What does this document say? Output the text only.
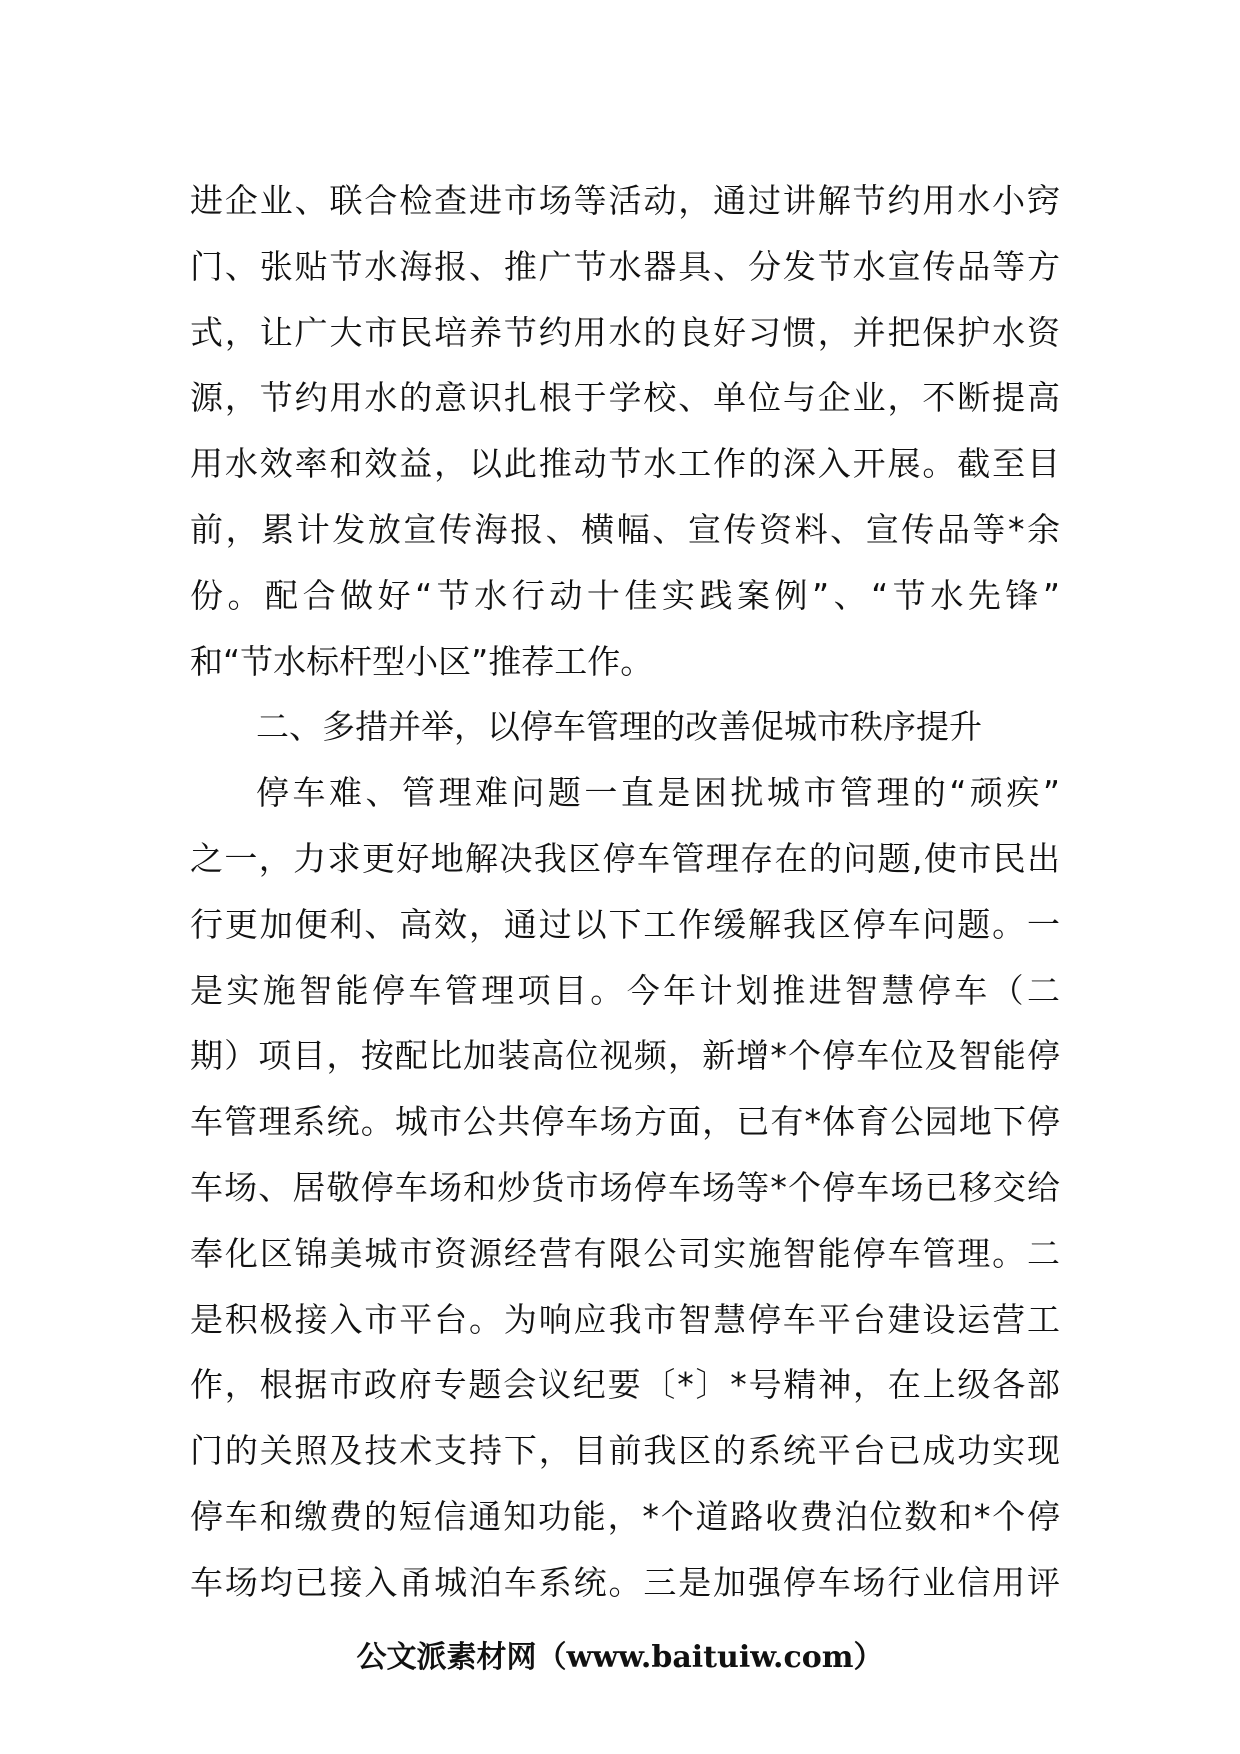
进企业、联合检查进市场等活动，通过讲解节约用水小窍
门、张贴节水海报、推广节水器具、分发节水宣传品等方
式，让广大市民培养节约用水的良好习惯，并把保护水资
源，节约用水的意识扎根于学校、单位与企业，不断提高
用水效率和效益，以此推动节水工作的深入开展。截至目
前，累计发放宣传海报、横幅、宣传资料、宣传品等*余
份。配合做好“节水行动十佳实践案例”、“节水先锋”
和“节水标杆型小区”推荐工作。
二、多措并举，以停车管理的改善促城市秩序提升
停车难、管理难问题一直是困扰城市管理的“顽疾”
之一，力求更好地解决我区停车管理存在的问题,使市民出
行更加便利、高效，通过以下工作缓解我区停车问题。一
是实施智能停车管理项目。今年计划推进智慧停车（二
期）项目，按配比加装高位视频，新增*个停车位及智能停
车管理系统。城市公共停车场方面，已有*体育公园地下停
车场、居敬停车场和炒货市场停车场等*个停车场已移交给
奉化区锦美城市资源经营有限公司实施智能停车管理。二
是积极接入市平台。为响应我市智慧停车平台建设运营工
作，根据市政府专题会议纪要〔*〕*号精神，在上级各部
门的关照及技术支持下，目前我区的系统平台已成功实现
停车和缴费的短信通知功能，*个道路收费泊位数和*个停
车场均已接入甬城泊车系统。三是加强停车场行业信用评
公文派素材网（www.baituiw.com）
